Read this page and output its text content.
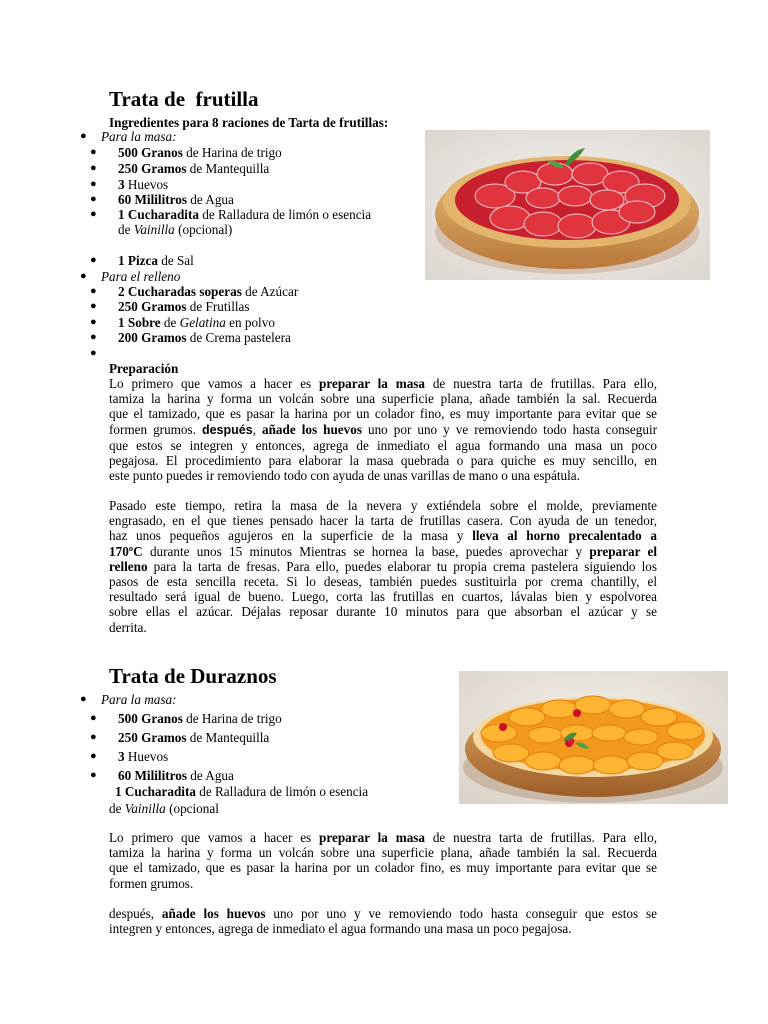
Trata de  frutilla
Ingredientes para 8 raciones de Tarta de frutillas:
● Para la masa:
● 500 Granos de Harina de trigo
● 250 Gramos de Mantequilla
● 3 Huevos
● 60 Mililitros de Agua
● 1 Cucharadita de Ralladura de limón o esencia
de Vainilla (opcional)
● 1 Pizca de Sal
● Para el relleno
● 2 Cucharadas soperas de Azúcar
● 250 Gramos de Frutillas
● 1 Sobre de Gelatina en polvo
● 200 Gramos de Crema pastelera
●
Preparación
Lo primero que vamos a hacer es preparar la masa de nuestra tarta de frutillas. Para ello,
tamiza la harina y forma un volcán sobre una superficie plana, añade también la sal. Recuerda
que el tamizado, que es pasar la harina por un colador fino, es muy importante para evitar que se
formen grumos. después, añade los huevos uno por uno y ve removiendo todo hasta conseguir
que estos se integren y entonces, agrega de inmediato el agua formando una masa un poco
pegajosa. El procedimiento para elaborar la masa quebrada o para quiche es muy sencillo, en
este punto puedes ir removiendo todo con ayuda de unas varillas de mano o una espátula.
Pasado este tiempo, retira la masa de la nevera y extiéndela sobre el molde, previamente
engrasado, en el que tienes pensado hacer la tarta de frutillas casera. Con ayuda de un tenedor,
haz unos pequeños agujeros en la superficie de la masa y lleva al horno precalentado a
170ºC durante unos 15 minutos Mientras se hornea la base, puedes aprovechar y preparar el
relleno para la tarta de fresas. Para ello, puedes elaborar tu propia crema pastelera siguiendo los
pasos de esta sencilla receta. Si lo deseas, también puedes sustituirla por crema chantilly, el
resultado será igual de bueno. Luego, corta las frutillas en cuartos, lávalas bien y espolvorea
sobre ellas el azúcar. Déjalas reposar durante 10 minutos para que absorban el azúcar y se
derrita.
Trata de Duraznos
● Para la masa:
● 500 Granos de Harina de trigo
● 250 Gramos de Mantequilla
● 3 Huevos
● 60 Mililitros de Agua
1 Cucharadita de Ralladura de limón o esencia
de Vainilla (opcional
Lo primero que vamos a hacer es preparar la masa de nuestra tarta de frutillas. Para ello,
tamiza la harina y forma un volcán sobre una superficie plana, añade también la sal. Recuerda
que el tamizado, que es pasar la harina por un colador fino, es muy importante para evitar que se
formen grumos.
después, añade los huevos uno por uno y ve removiendo todo hasta conseguir que estos se
integren y entonces, agrega de inmediato el agua formando una masa un poco pegajosa.
